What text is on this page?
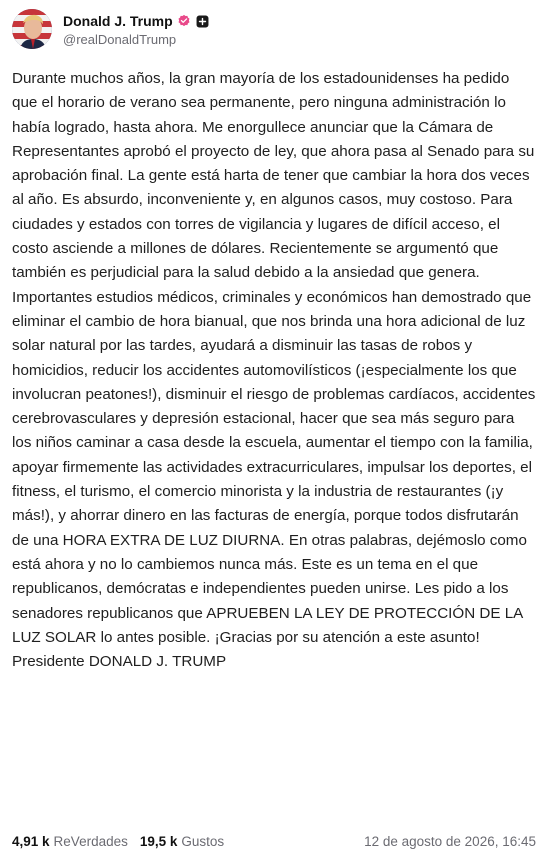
Donald J. Trump
@realDonaldTrump
Durante muchos años, la gran mayoría de los estadounidenses ha pedido que el horario de verano sea permanente, pero ninguna administración lo había logrado, hasta ahora. Me enorgullece anunciar que la Cámara de Representantes aprobó el proyecto de ley, que ahora pasa al Senado para su aprobación final. La gente está harta de tener que cambiar la hora dos veces al año. Es absurdo, inconveniente y, en algunos casos, muy costoso. Para ciudades y estados con torres de vigilancia y lugares de difícil acceso, el costo asciende a millones de dólares. Recientemente se argumentó que también es perjudicial para la salud debido a la ansiedad que genera. Importantes estudios médicos, criminales y económicos han demostrado que eliminar el cambio de hora bianual, que nos brinda una hora adicional de luz solar natural por las tardes, ayudará a disminuir las tasas de robos y homicidios, reducir los accidentes automovilísticos (¡especialmente los que involucran peatones!), disminuir el riesgo de problemas cardíacos, accidentes cerebrovasculares y depresión estacional, hacer que sea más seguro para los niños caminar a casa desde la escuela, aumentar el tiempo con la familia, apoyar firmemente las actividades extracurriculares, impulsar los deportes, el fitness, el turismo, el comercio minorista y la industria de restaurantes (¡y más!), y ahorrar dinero en las facturas de energía, porque todos disfrutarán de una HORA EXTRA DE LUZ DIURNA. En otras palabras, dejémoslo como está ahora y no lo cambiemos nunca más. Este es un tema en el que republicanos, demócratas e independientes pueden unirse. Les pido a los senadores republicanos que APRUEBEN LA LEY DE PROTECCIÓN DE LA LUZ SOLAR lo antes posible. ¡Gracias por su atención a este asunto! Presidente DONALD J. TRUMP
4,91 k ReVerdades 19,5 k Gustos	12 de agosto de 2026, 16:45
